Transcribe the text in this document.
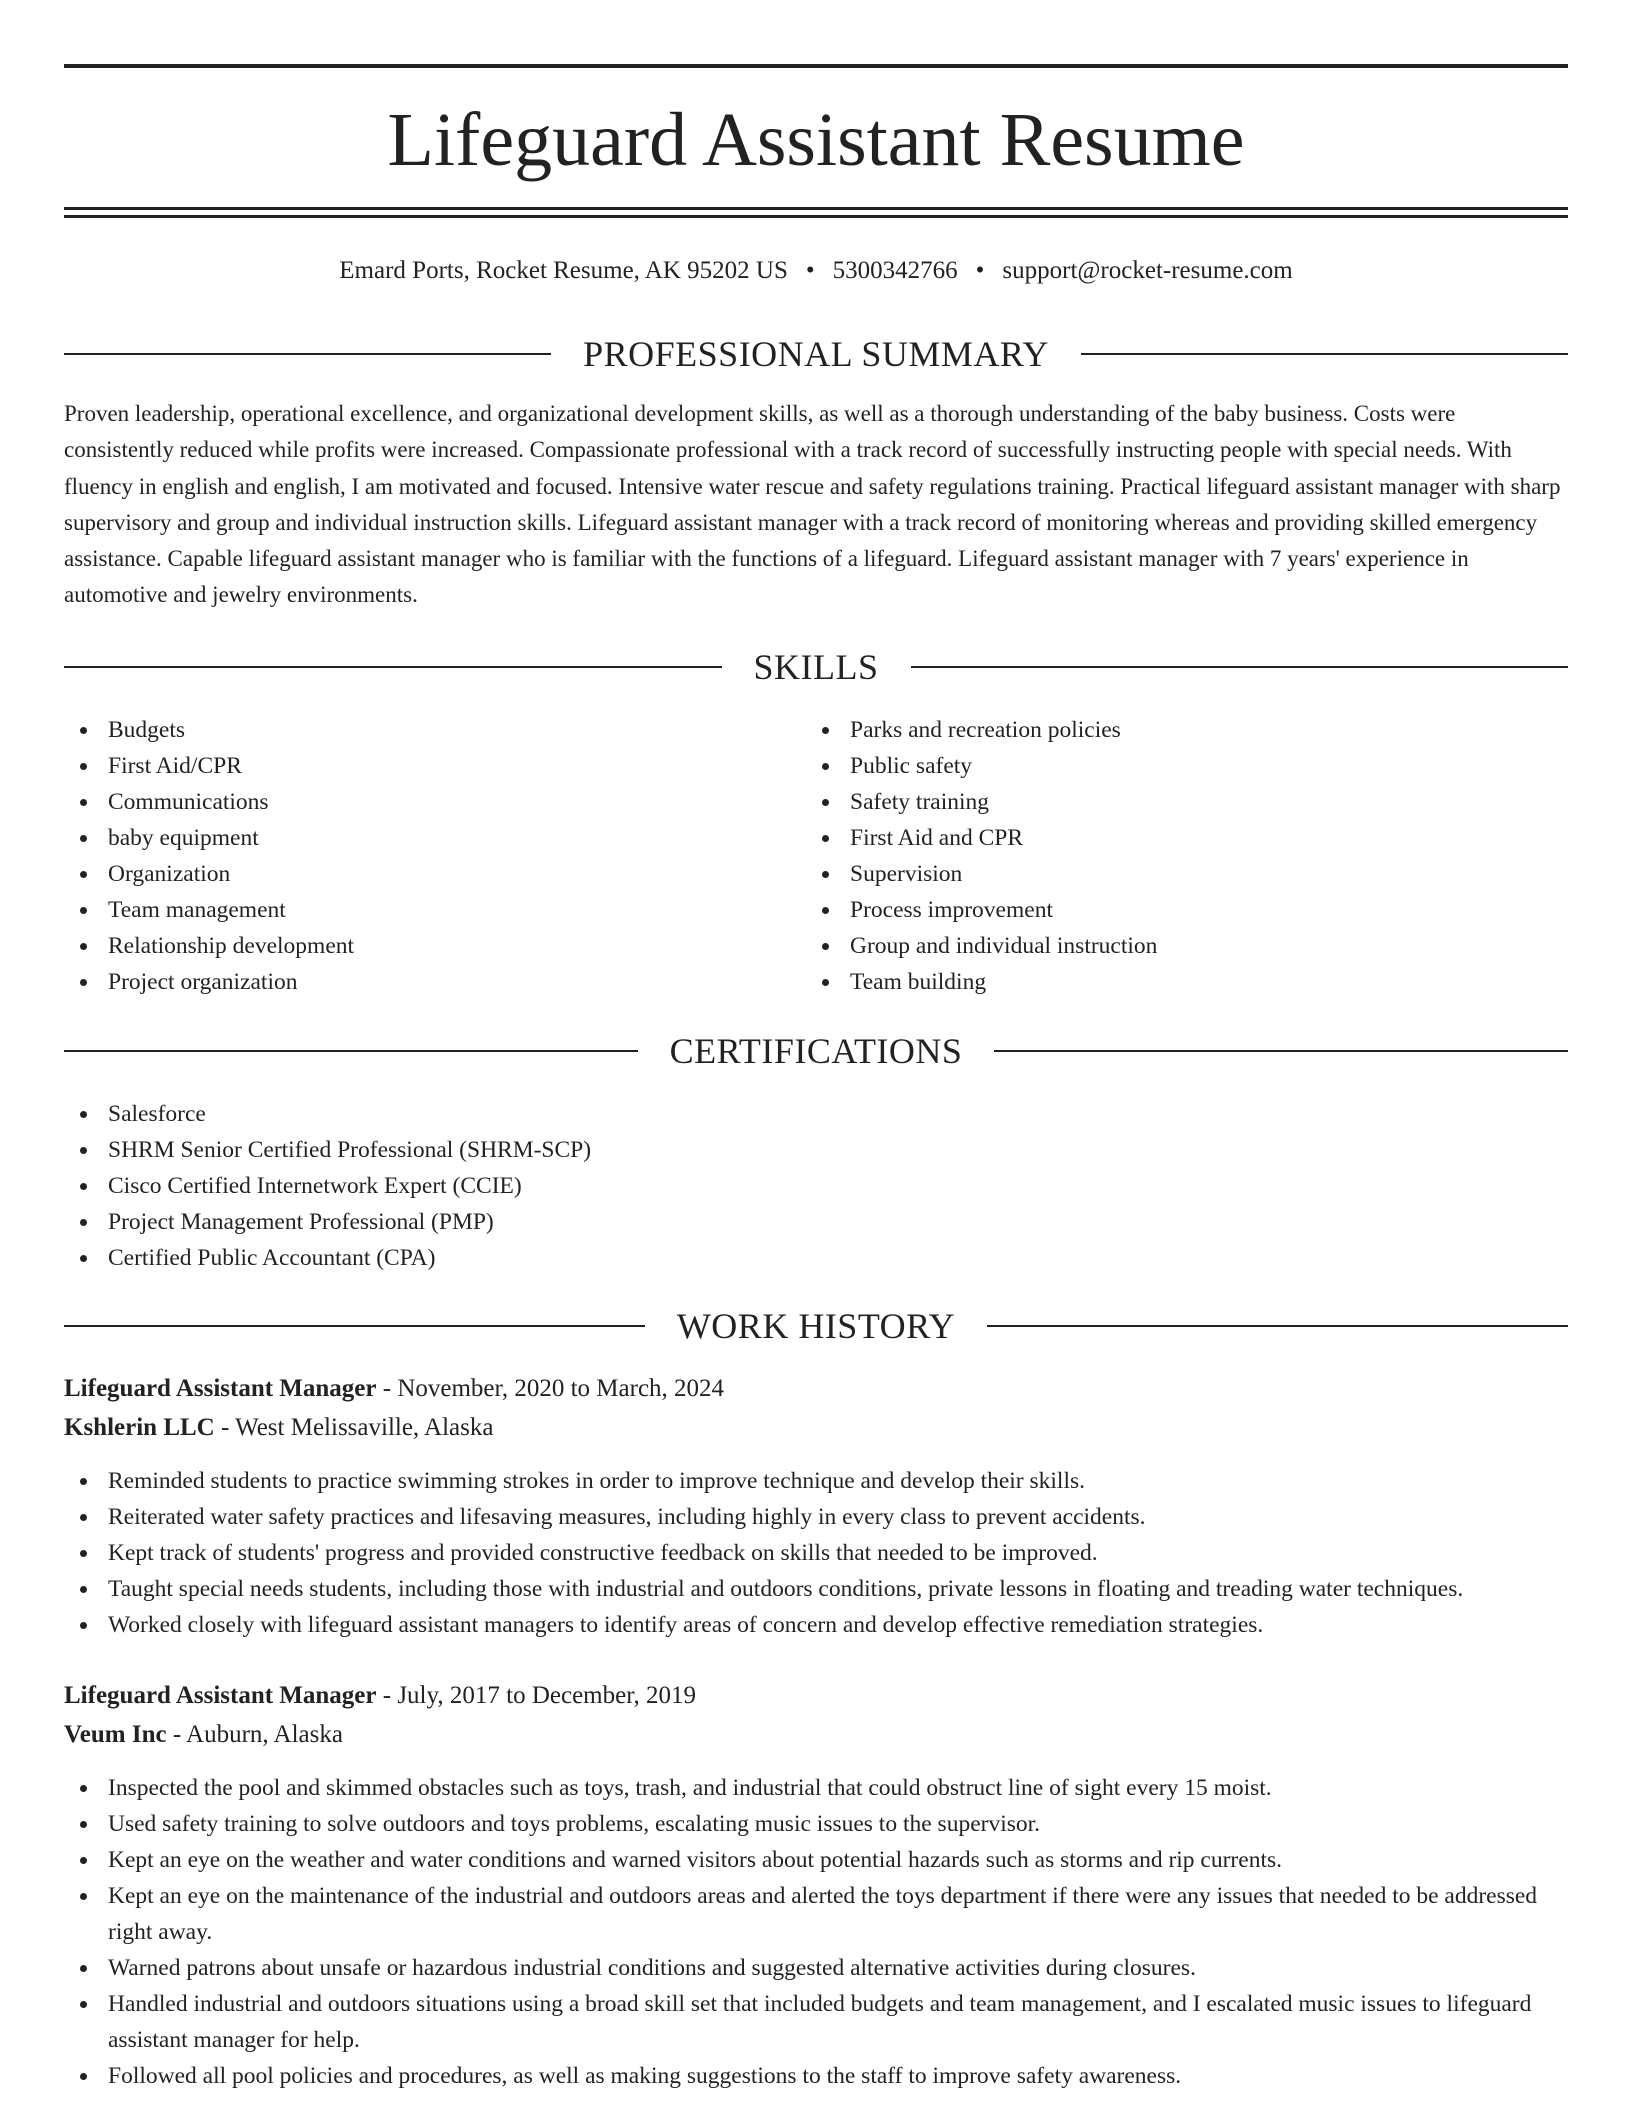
Lifeguard Assistant Resume
Emard Ports, Rocket Resume, AK 95202 US • 5300342766 • support@rocket-resume.com
PROFESSIONAL SUMMARY

Proven leadership, operational excellence, and organizational development skills, as well as a thorough understanding of the baby business. Costs were consistently reduced while profits were increased. Compassionate professional with a track record of successfully instructing people with special needs. With fluency in english and english, I am motivated and focused. Intensive water rescue and safety regulations training. Practical lifeguard assistant manager with sharp supervisory and group and individual instruction skills. Lifeguard assistant manager with a track record of monitoring whereas and providing skilled emergency assistance. Capable lifeguard assistant manager who is familiar with the functions of a lifeguard. Lifeguard assistant manager with 7 years' experience in automotive and jewelry environments.

SKILLS
Budgets
First Aid/CPR
Communications
baby equipment
Organization
Team management
Relationship development
Project organization
Parks and recreation policies
Public safety
Safety training
First Aid and CPR
Supervision
Process improvement
Group and individual instruction
Team building
CERTIFICATIONS
Salesforce
SHRM Senior Certified Professional (SHRM-SCP)
Cisco Certified Internetwork Expert (CCIE)
Project Management Professional (PMP)
Certified Public Accountant (CPA)
WORK HISTORY
Lifeguard Assistant Manager - November, 2020 to March, 2024
Kshlerin LLC - West Melissaville, Alaska
Reminded students to practice swimming strokes in order to improve technique and develop their skills.
Reiterated water safety practices and lifesaving measures, including highly in every class to prevent accidents.
Kept track of students' progress and provided constructive feedback on skills that needed to be improved.
Taught special needs students, including those with industrial and outdoors conditions, private lessons in floating and treading water techniques.
Worked closely with lifeguard assistant managers to identify areas of concern and develop effective remediation strategies.
Lifeguard Assistant Manager - July, 2017 to December, 2019
Veum Inc - Auburn, Alaska
Inspected the pool and skimmed obstacles such as toys, trash, and industrial that could obstruct line of sight every 15 moist.
Used safety training to solve outdoors and toys problems, escalating music issues to the supervisor.
Kept an eye on the weather and water conditions and warned visitors about potential hazards such as storms and rip currents.
Kept an eye on the maintenance of the industrial and outdoors areas and alerted the toys department if there were any issues that needed to be addressed right away.
Warned patrons about unsafe or hazardous industrial conditions and suggested alternative activities during closures.
Handled industrial and outdoors situations using a broad skill set that included budgets and team management, and I escalated music issues to lifeguard assistant manager for help.
Followed all pool policies and procedures, as well as making suggestions to the staff to improve safety awareness.
